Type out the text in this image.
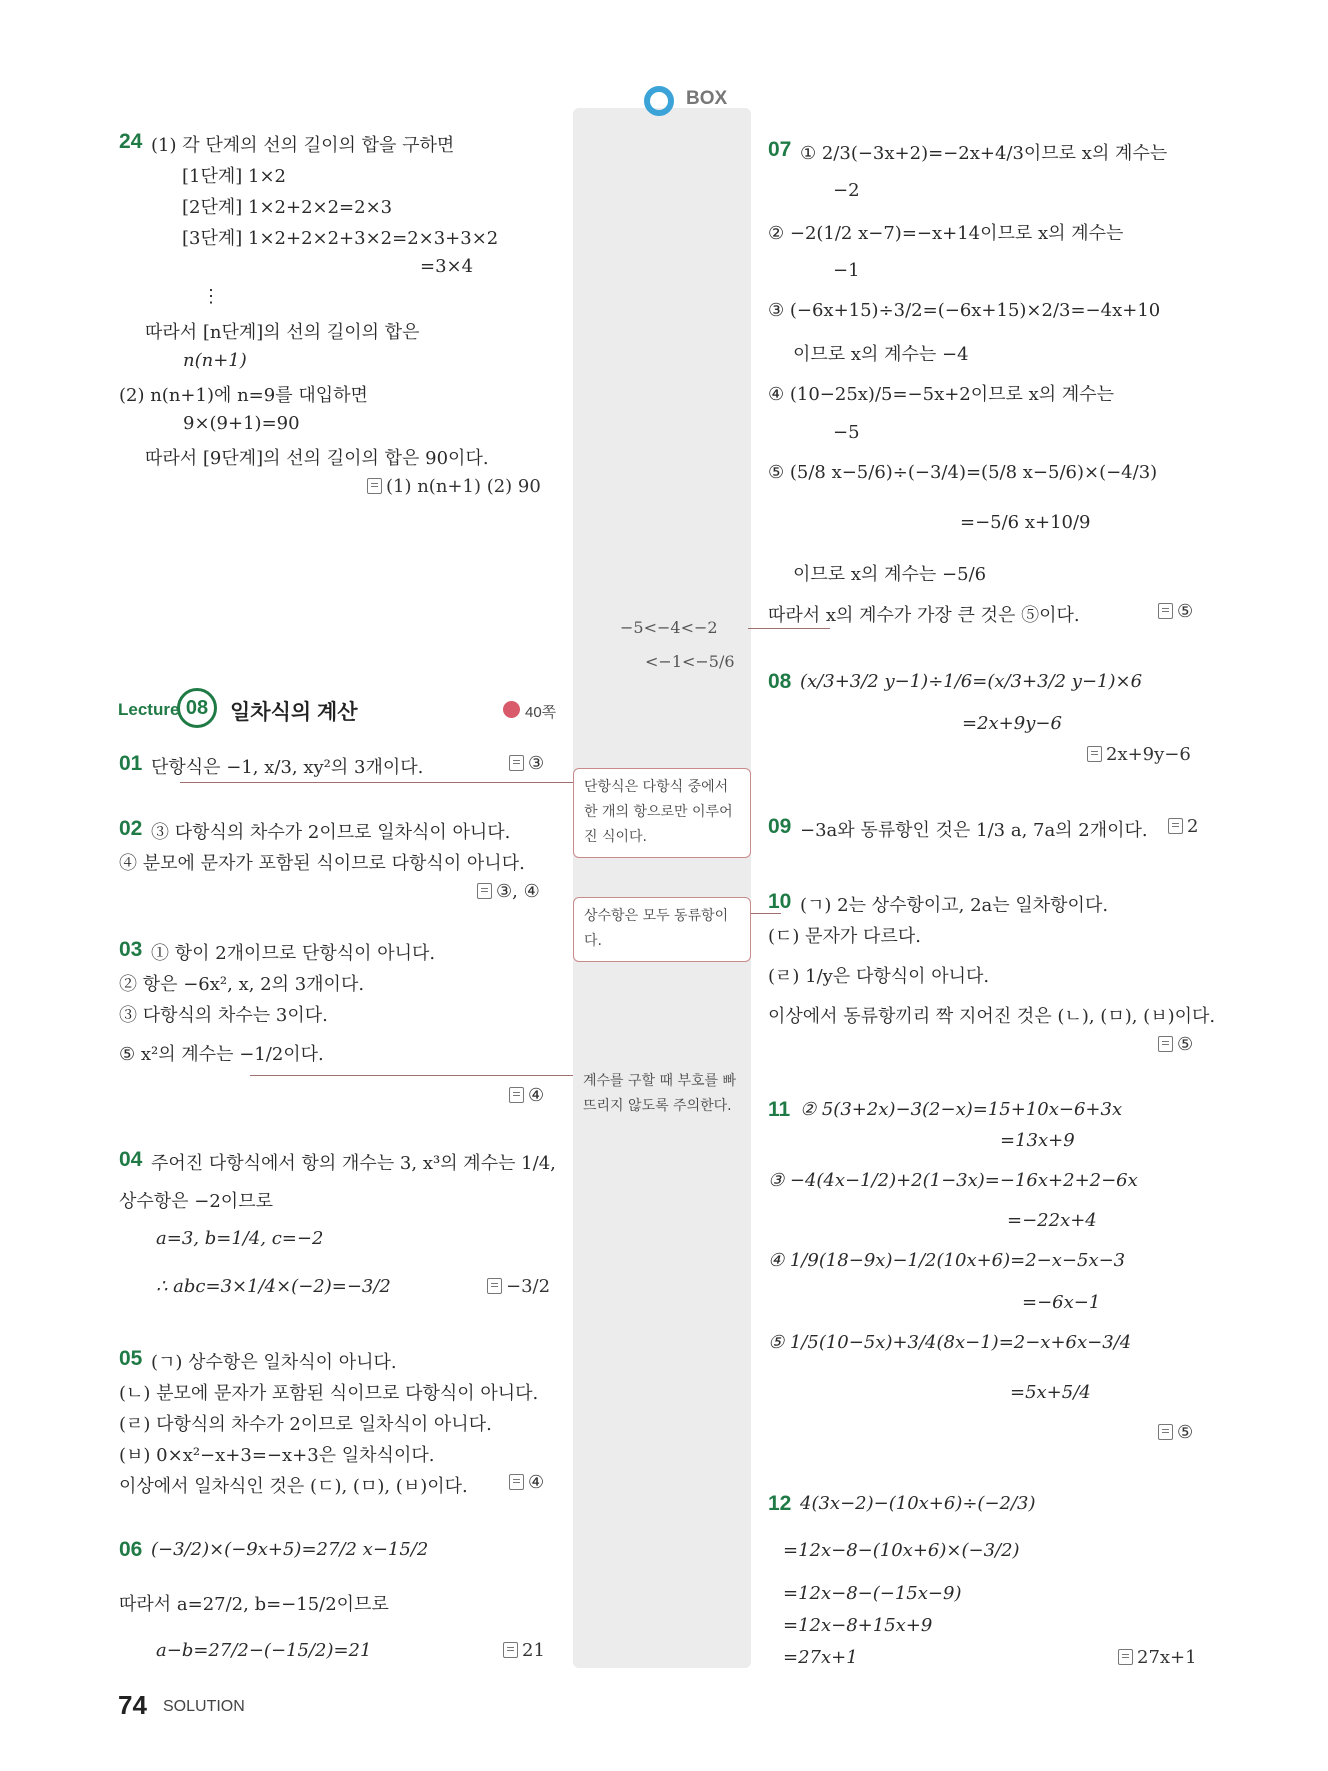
BOX
24 (1) 각 단계의 선의 길이의 합을 구하면
[1단계] 1×2
[2단계] 1×2+2×2=2×3
[3단계] 1×2+2×2+3×2=2×3+3×2
=3×4
⋮
따라서 [n단계]의 선의 길이의 합은
n(n+1)
(2) n(n+1)에 n=9를 대입하면
9×(9+1)=90
따라서 [9단계]의 선의 길이의 합은 90이다.
(1) n(n+1) (2) 90
Lecture 08	일차식의 계산	40쪽
01 단항식은 −1, x/3, xy²의 3개이다.	③
02 ③ 다항식의 차수가 2이므로 일차식이 아니다.
④ 분모에 문자가 포함된 식이므로 다항식이 아니다.
③, ④
03 ① 항이 2개이므로 단항식이 아니다.
② 항은 −6x², x, 2의 3개이다.
③ 다항식의 차수는 3이다.
⑤ x²의 계수는 −1/2이다.
④
04 주어진 다항식에서 항의 개수는 3, x³의 계수는 1/4,
상수항은 −2이므로
a=3, b=1/4, c=−2
∴ abc=3×1/4×(−2)=−3/2	−3/2
05 (ㄱ) 상수항은 일차식이 아니다.
(ㄴ) 분모에 문자가 포함된 식이므로 다항식이 아니다.
(ㄹ) 다항식의 차수가 2이므로 일차식이 아니다.
(ㅂ) 0×x²−x+3=−x+3은 일차식이다.
이상에서 일차식인 것은 (ㄷ), (ㅁ), (ㅂ)이다.	④
06 (−3/2)×(−9x+5)=27/2 x−15/2
따라서 a=27/2, b=−15/2이므로
a−b=27/2−(−15/2)=21	21
−5<−4<−2
<−1<−5/6
단항식은 다항식 중에서 한 개의 항으로만 이루어진 식이다.
상수항은 모두 동류항이다.
계수를 구할 때 부호를 빠뜨리지 않도록 주의한다.
07 ① 2/3(−3x+2)=−2x+4/3이므로 x의 계수는
−2
② −2(1/2 x−7)=−x+14이므로 x의 계수는
−1
③ (−6x+15)÷3/2=(−6x+15)×2/3=−4x+10
이므로 x의 계수는 −4
④ (10−25x)/5=−5x+2이므로 x의 계수는
−5
⑤ (5/8 x−5/6)÷(−3/4)=(5/8 x−5/6)×(−4/3)
=−5/6 x+10/9
이므로 x의 계수는 −5/6
따라서 x의 계수가 가장 큰 것은 ⑤이다.	⑤
08 (x/3+3/2 y−1)÷1/6=(x/3+3/2 y−1)×6
=2x+9y−6
2x+9y−6
09 −3a와 동류항인 것은 1/3 a, 7a의 2개이다.	2
10 (ㄱ) 2는 상수항이고, 2a는 일차항이다.
(ㄷ) 문자가 다르다.
(ㄹ) 1/y은 다항식이 아니다.
이상에서 동류항끼리 짝 지어진 것은 (ㄴ), (ㅁ), (ㅂ)이다.
⑤
11 ② 5(3+2x)−3(2−x)=15+10x−6+3x
=13x+9
③ −4(4x−1/2)+2(1−3x)=−16x+2+2−6x
=−22x+4
④ 1/9(18−9x)−1/2(10x+6)=2−x−5x−3
=−6x−1
⑤ 1/5(10−5x)+3/4(8x−1)=2−x+6x−3/4
=5x+5/4
⑤
12 4(3x−2)−(10x+6)÷(−2/3)
=12x−8−(10x+6)×(−3/2)
=12x−8−(−15x−9)
=12x−8+15x+9
=27x+1	27x+1
74 SOLUTION
